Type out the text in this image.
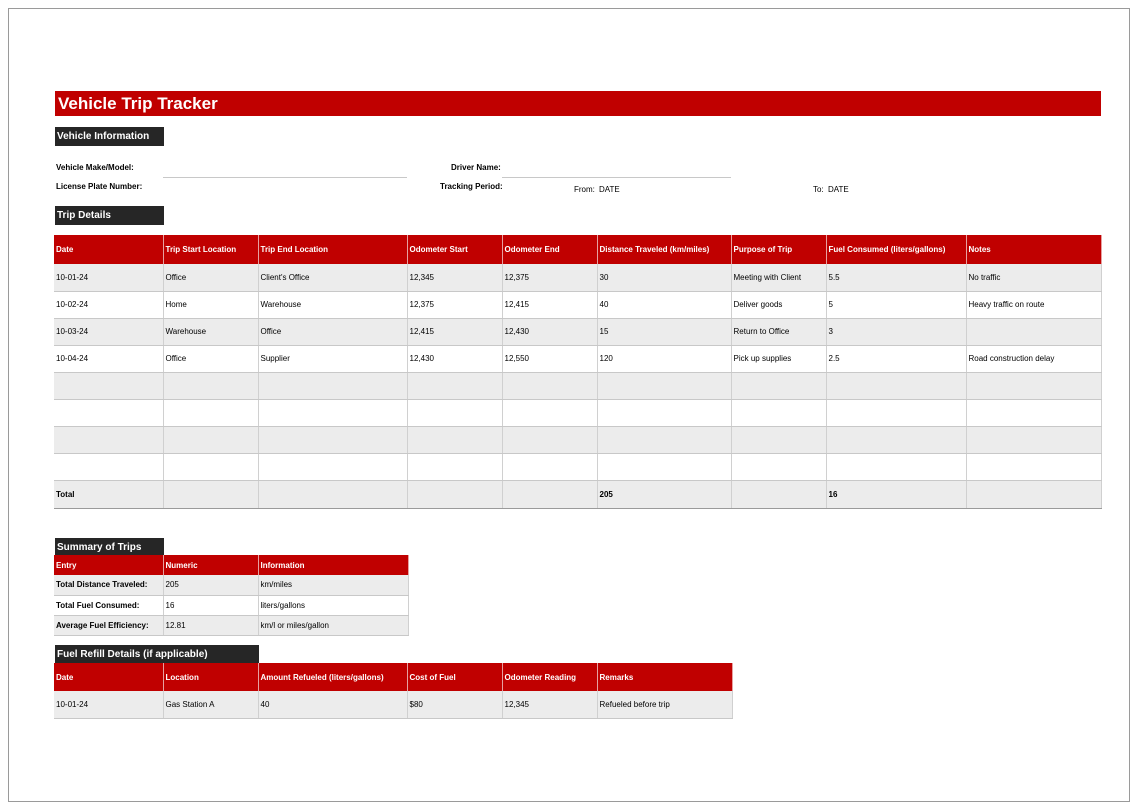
Vehicle Trip Tracker
Vehicle Information
Vehicle Make/Model:
License Plate Number:
Driver Name:
Tracking Period:	From: DATE	To: DATE
Trip Details
Date	Trip Start Location	Trip End Location	Odometer Start	Odometer End	Distance Traveled (km/miles)	Purpose of Trip	Fuel Consumed (liters/gallons)	Notes
10-01-24	Office	Client's Office	12,345	12,375	30	Meeting with Client	5.5	No traffic
10-02-24	Home	Warehouse	12,375	12,415	40	Deliver goods	5	Heavy traffic on route
10-03-24	Warehouse	Office	12,415	12,430	15	Return to Office	3	
10-04-24	Office	Supplier	12,430	12,550	120	Pick up supplies	2.5	Road construction delay

Total					205		16	
Summary of Trips
Entry	Numeric	Information
Total Distance Traveled:	205	km/miles
Total Fuel Consumed:	16	liters/gallons
Average Fuel Efficiency:	12.81	km/l or miles/gallon
Fuel Refill Details (if applicable)
Date	Location	Amount Refueled (liters/gallons)	Cost of Fuel	Odometer Reading	Remarks
10-01-24	Gas Station A	40	$80	12,345	Refueled before trip
